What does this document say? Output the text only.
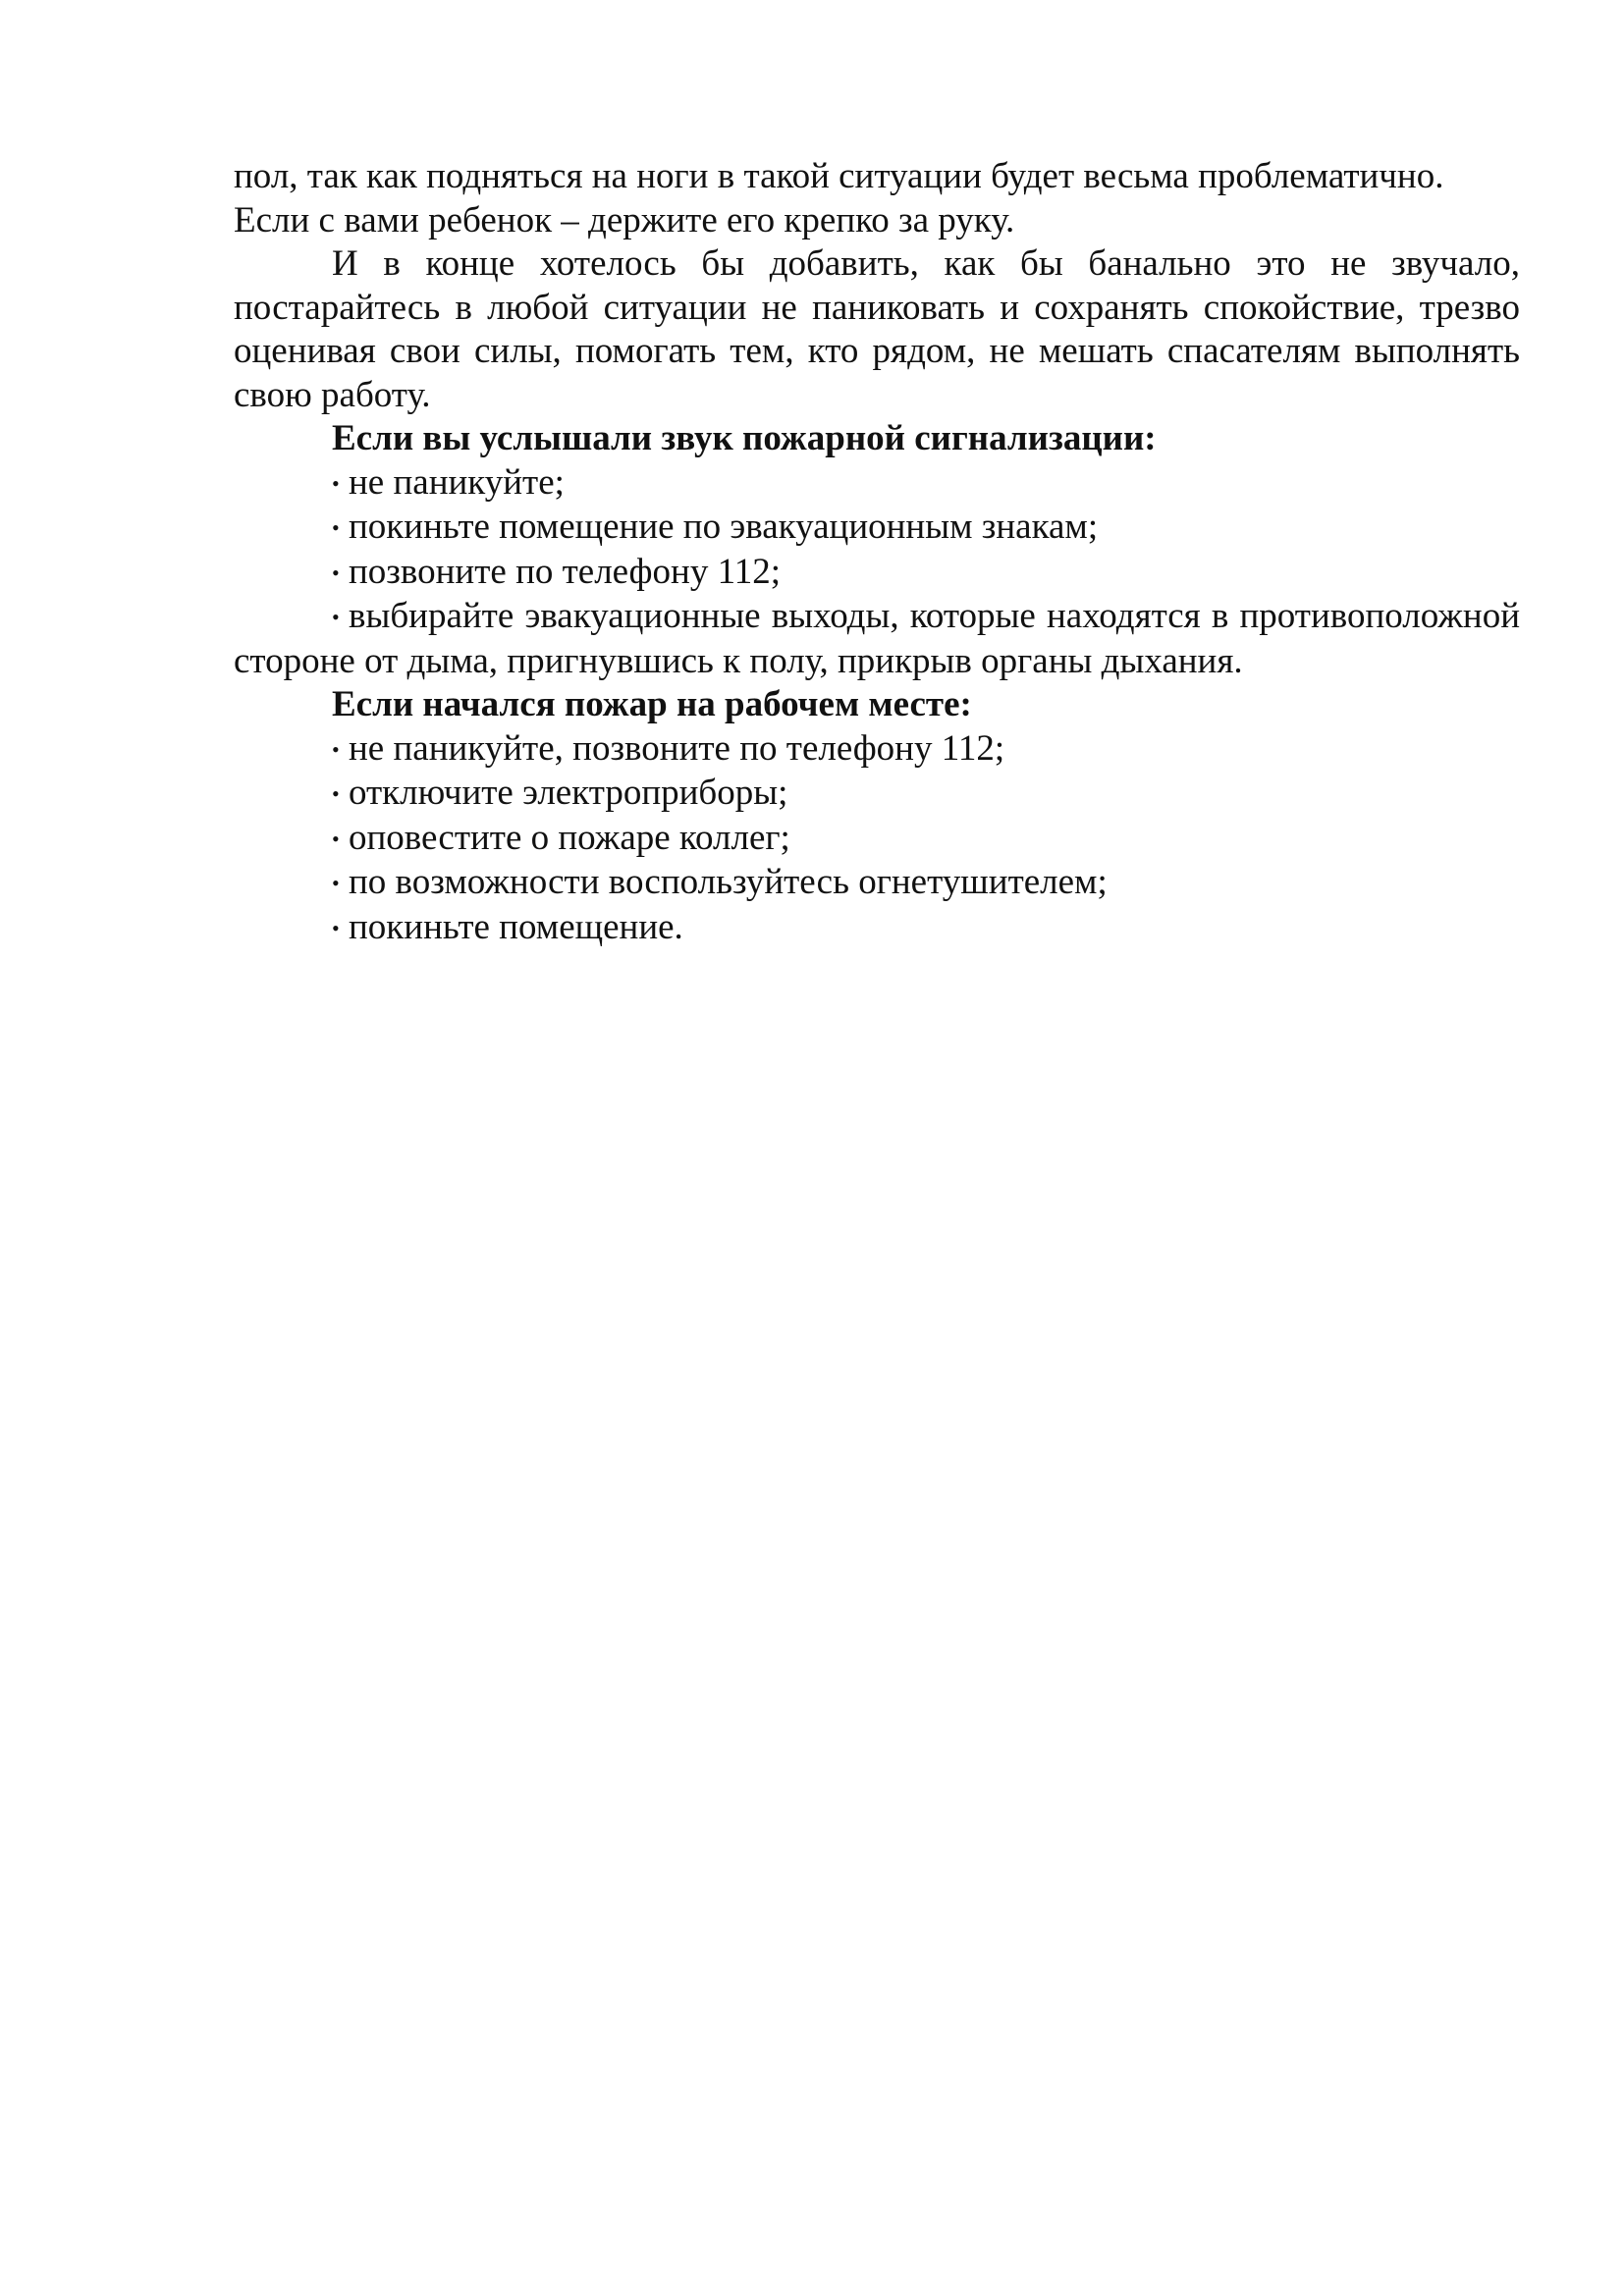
пол, так как подняться на ноги в такой ситуации будет весьма проблематично.

Если с вами ребенок – держите его крепко за руку.

И в конце хотелось бы добавить, как бы банально это не звучало, постарайтесь в любой ситуации не паниковать и сохранять спокойствие, трезво оценивая свои силы, помогать тем, кто рядом, не мешать спасателям выполнять свою работу.

Если вы услышали звук пожарной сигнализации:

• не паникуйте;
• покиньте помещение по эвакуационным знакам;
• позвоните по телефону 112;
• выбирайте эвакуационные выходы, которые находятся в противоположной стороне от дыма, пригнувшись к полу, прикрыв органы дыхания.

Если начался пожар на рабочем месте:

• не паникуйте, позвоните по телефону 112;
• отключите электроприборы;
• оповестите о пожаре коллег;
• по возможности воспользуйтесь огнетушителем;
• покиньте помещение.
